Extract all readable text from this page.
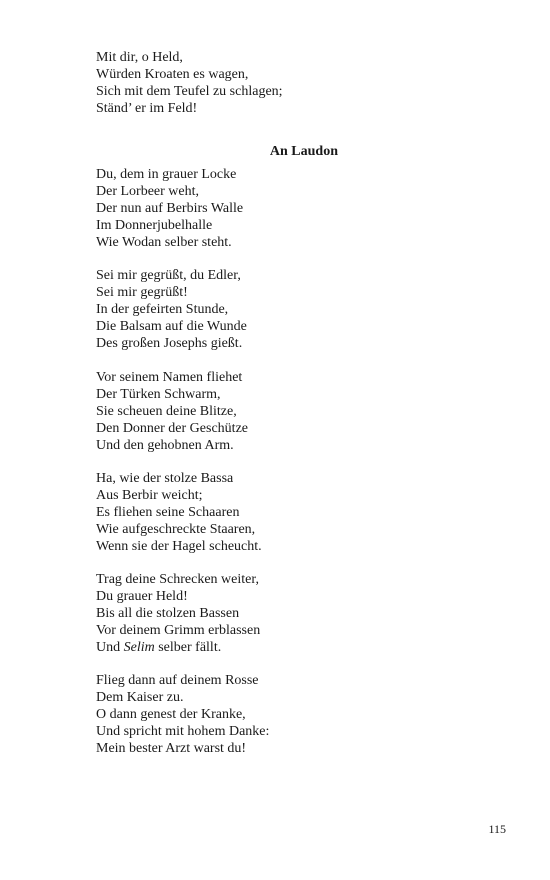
Mit dir, o Held,
Würden Kroaten es wagen,
Sich mit dem Teufel zu schlagen;
Ständ’ er im Feld!
An Laudon
Du, dem in grauer Locke
Der Lorbeer weht,
Der nun auf Berbirs Walle
Im Donnerjubelhalle
Wie Wodan selber steht.
Sei mir gegrüßt, du Edler,
Sei mir gegrüßt!
In der gefeirten Stunde,
Die Balsam auf die Wunde
Des großen Josephs gießt.
Vor seinem Namen fliehet
Der Türken Schwarm,
Sie scheuen deine Blitze,
Den Donner der Geschütze
Und den gehobnen Arm.
Ha, wie der stolze Bassa
Aus Berbir weicht;
Es fliehen seine Schaaren
Wie aufgeschreckte Staaren,
Wenn sie der Hagel scheucht.
Trag deine Schrecken weiter,
Du grauer Held!
Bis all die stolzen Bassen
Vor deinem Grimm erblassen
Und Selim selber fällt.
Flieg dann auf deinem Rosse
Dem Kaiser zu.
O dann genest der Kranke,
Und spricht mit hohem Danke:
Mein bester Arzt warst du!
115
